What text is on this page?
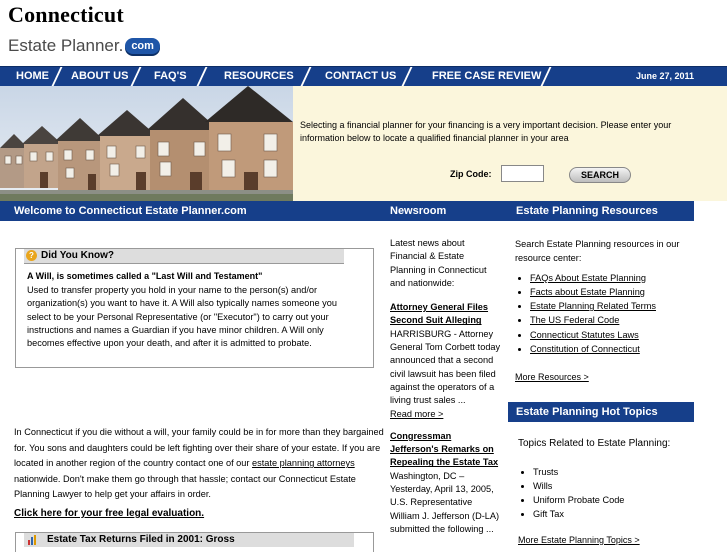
Connecticut
Estate Planner. com
HOME ABOUT US FAQ'S	RESOURCES	CONTACT US	FREE CASE REVIEW	June 27, 2011
Selecting a financial planner for your financing is a very important decision. Please enter your information below to locate a qualified financial planner in your area
Zip Code:	SEARCH
Welcome to Connecticut Estate Planner.com	Newsroom	Estate Planning Resources
? Did You Know?
A Will, is sometimes called a "Last Will and Testament"
Used to transfer property you hold in your name to the person(s) and/or organization(s) you want to have it. A Will also typically names someone you select to be your Personal Representative (or "Executor") to carry out your instructions and names a Guardian if you have minor children. A Will only becomes effective upon your death, and after it is admitted to probate.
In Connecticut if you die without a will, your family could be in for more than they bargained for. You sons and daughters could be left fighting over their share of your estate. If you are located in another region of the country contact one of our estate planning attorneys nationwide. Don't make them go through that hassle; contact our Connecticut Estate Planning Lawyer to help get your affairs in order.
Click here for your free legal evaluation.
Estate Tax Returns Filed in 2001: Gross
Latest news about Financial & Estate Planning in Connecticut and nationwide:
Attorney General Files Second Suit Alleging
HARRISBURG - Attorney General Tom Corbett today announced that a second civil lawsuit has been filed against the operators of a living trust sales ...
Read more >
Congressman Jefferson's Remarks on Repealing the Estate Tax
Washington, DC – Yesterday, April 13, 2005, U.S. Representative William J. Jefferson (D-LA) submitted the following ...
Search Estate Planning resources in our resource center:
• FAQs About Estate Planning
• Facts about Estate Planning
• Estate Planning Related Terms
• The US Federal Code
• Connecticut Statutes Laws
• Constitution of Connecticut
More Resources >
Estate Planning Hot Topics
Topics Related to Estate Planning:
• Trusts
• Wills
• Uniform Probate Code
• Gift Tax
More Estate Planning Topics >
